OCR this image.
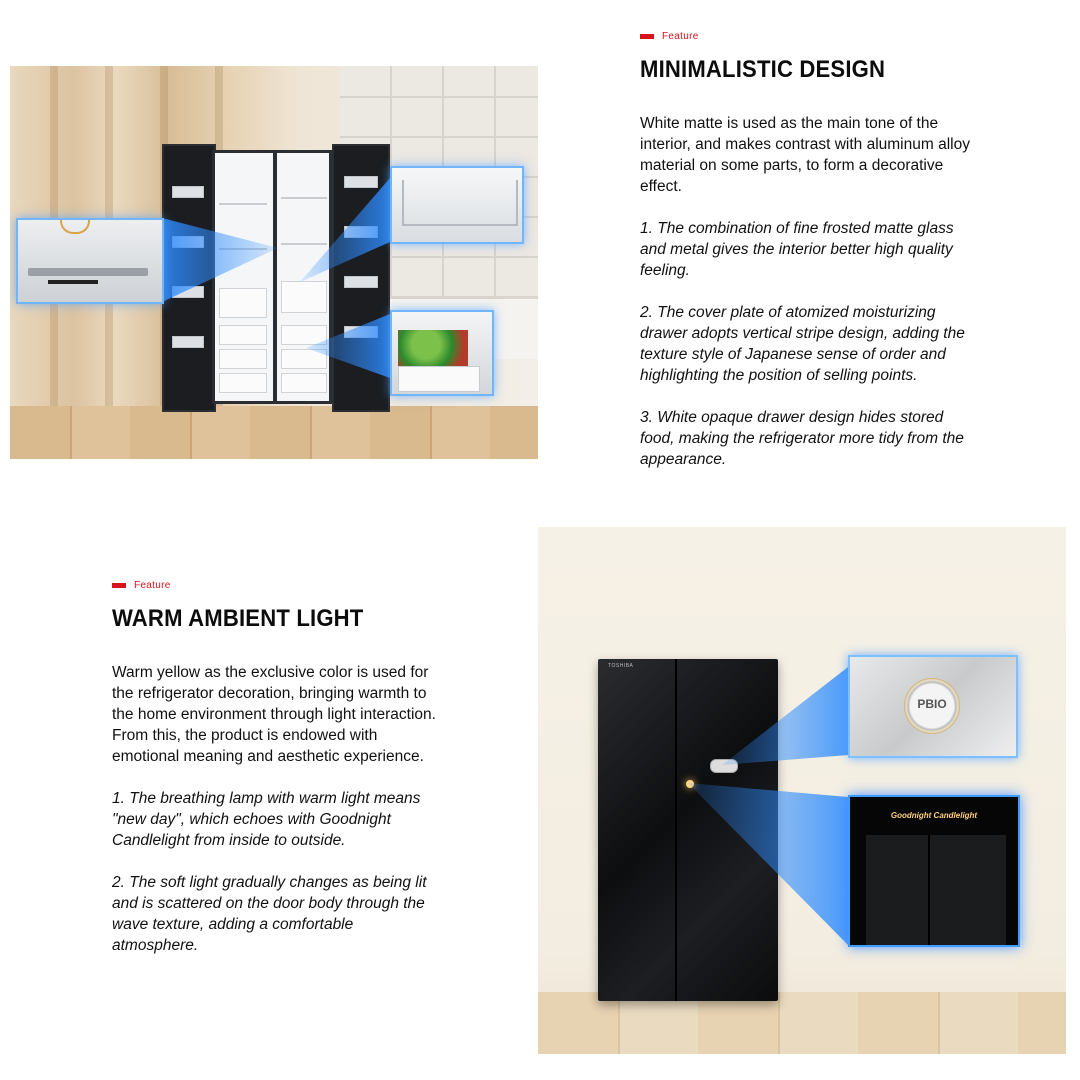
Feature
MINIMALISTIC DESIGN

White matte is used as the main tone of the interior, and makes contrast with aluminum alloy material on some parts, to form a decorative effect.

1. The combination of fine frosted matte glass and metal gives the interior better high quality feeling.

2. The cover plate of atomized moisturizing drawer adopts vertical stripe design, adding the texture style of Japanese sense of order and highlighting the position of selling points.

3. White opaque drawer design hides stored food, making the refrigerator more tidy from the appearance.

Feature
WARM AMBIENT LIGHT

Warm yellow as the exclusive color is used for the refrigerator decoration, bringing warmth to the home environment through light interaction. From this, the product is endowed with emotional meaning and aesthetic experience.

1. The breathing lamp with warm light means "new day", which echoes with Goodnight Candlelight from inside to outside.

2. The soft light gradually changes as being lit and is scattered on the door body through the wave texture, adding a comfortable atmosphere.

TOSHIBA
PBIO
Goodnight Candlelight
